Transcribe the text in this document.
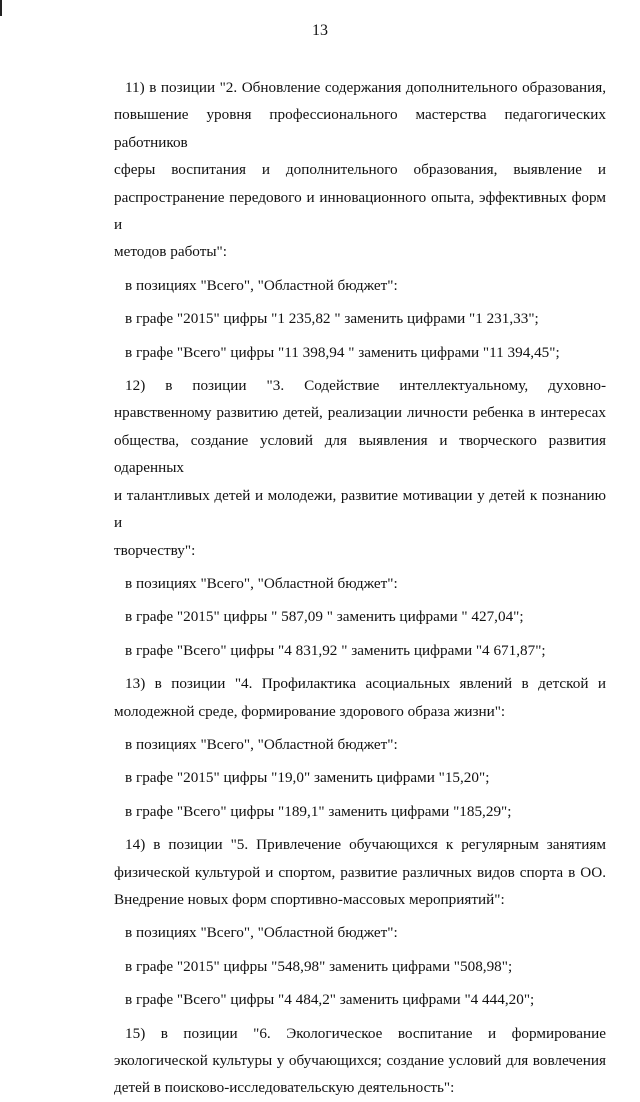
13
11) в позиции "2. Обновление содержания дополнительного образования,
повышение уровня профессионального мастерства педагогических работников
сферы воспитания и дополнительного образования, выявление и
распространение передового и инновационного опыта, эффективных форм и
методов работы":
в позициях "Всего", "Областной бюджет":
в графе "2015" цифры "1 235,82 " заменить цифрами "1 231,33";
в графе "Всего" цифры "11 398,94 " заменить цифрами "11 394,45";
12) в позиции "3. Содействие интеллектуальному, духовно-
нравственному развитию детей, реализации личности ребенка в интересах
общества, создание условий для выявления и творческого развития одаренных
и талантливых детей и молодежи, развитие мотивации у детей к познанию и
творчеству":
в позициях "Всего", "Областной бюджет":
в графе "2015" цифры " 587,09 " заменить цифрами " 427,04";
в графе "Всего" цифры "4 831,92 " заменить цифрами "4 671,87";
13) в позиции "4. Профилактика асоциальных явлений в детской и
молодежной среде, формирование здорового образа жизни":
в позициях "Всего", "Областной бюджет":
в графе "2015" цифры "19,0" заменить цифрами "15,20";
в графе "Всего" цифры "189,1" заменить цифрами "185,29";
14) в позиции "5. Привлечение обучающихся к регулярным занятиям
физической культурой и спортом, развитие различных видов спорта в ОО.
Внедрение новых форм спортивно-массовых мероприятий":
в позициях "Всего", "Областной бюджет":
в графе "2015" цифры "548,98" заменить цифрами "508,98";
в графе "Всего" цифры "4 484,2" заменить цифрами "4 444,20";
15) в позиции "6. Экологическое воспитание и формирование
экологической культуры у обучающихся; создание условий для вовлечения
детей в поисково-исследовательскую деятельность":
